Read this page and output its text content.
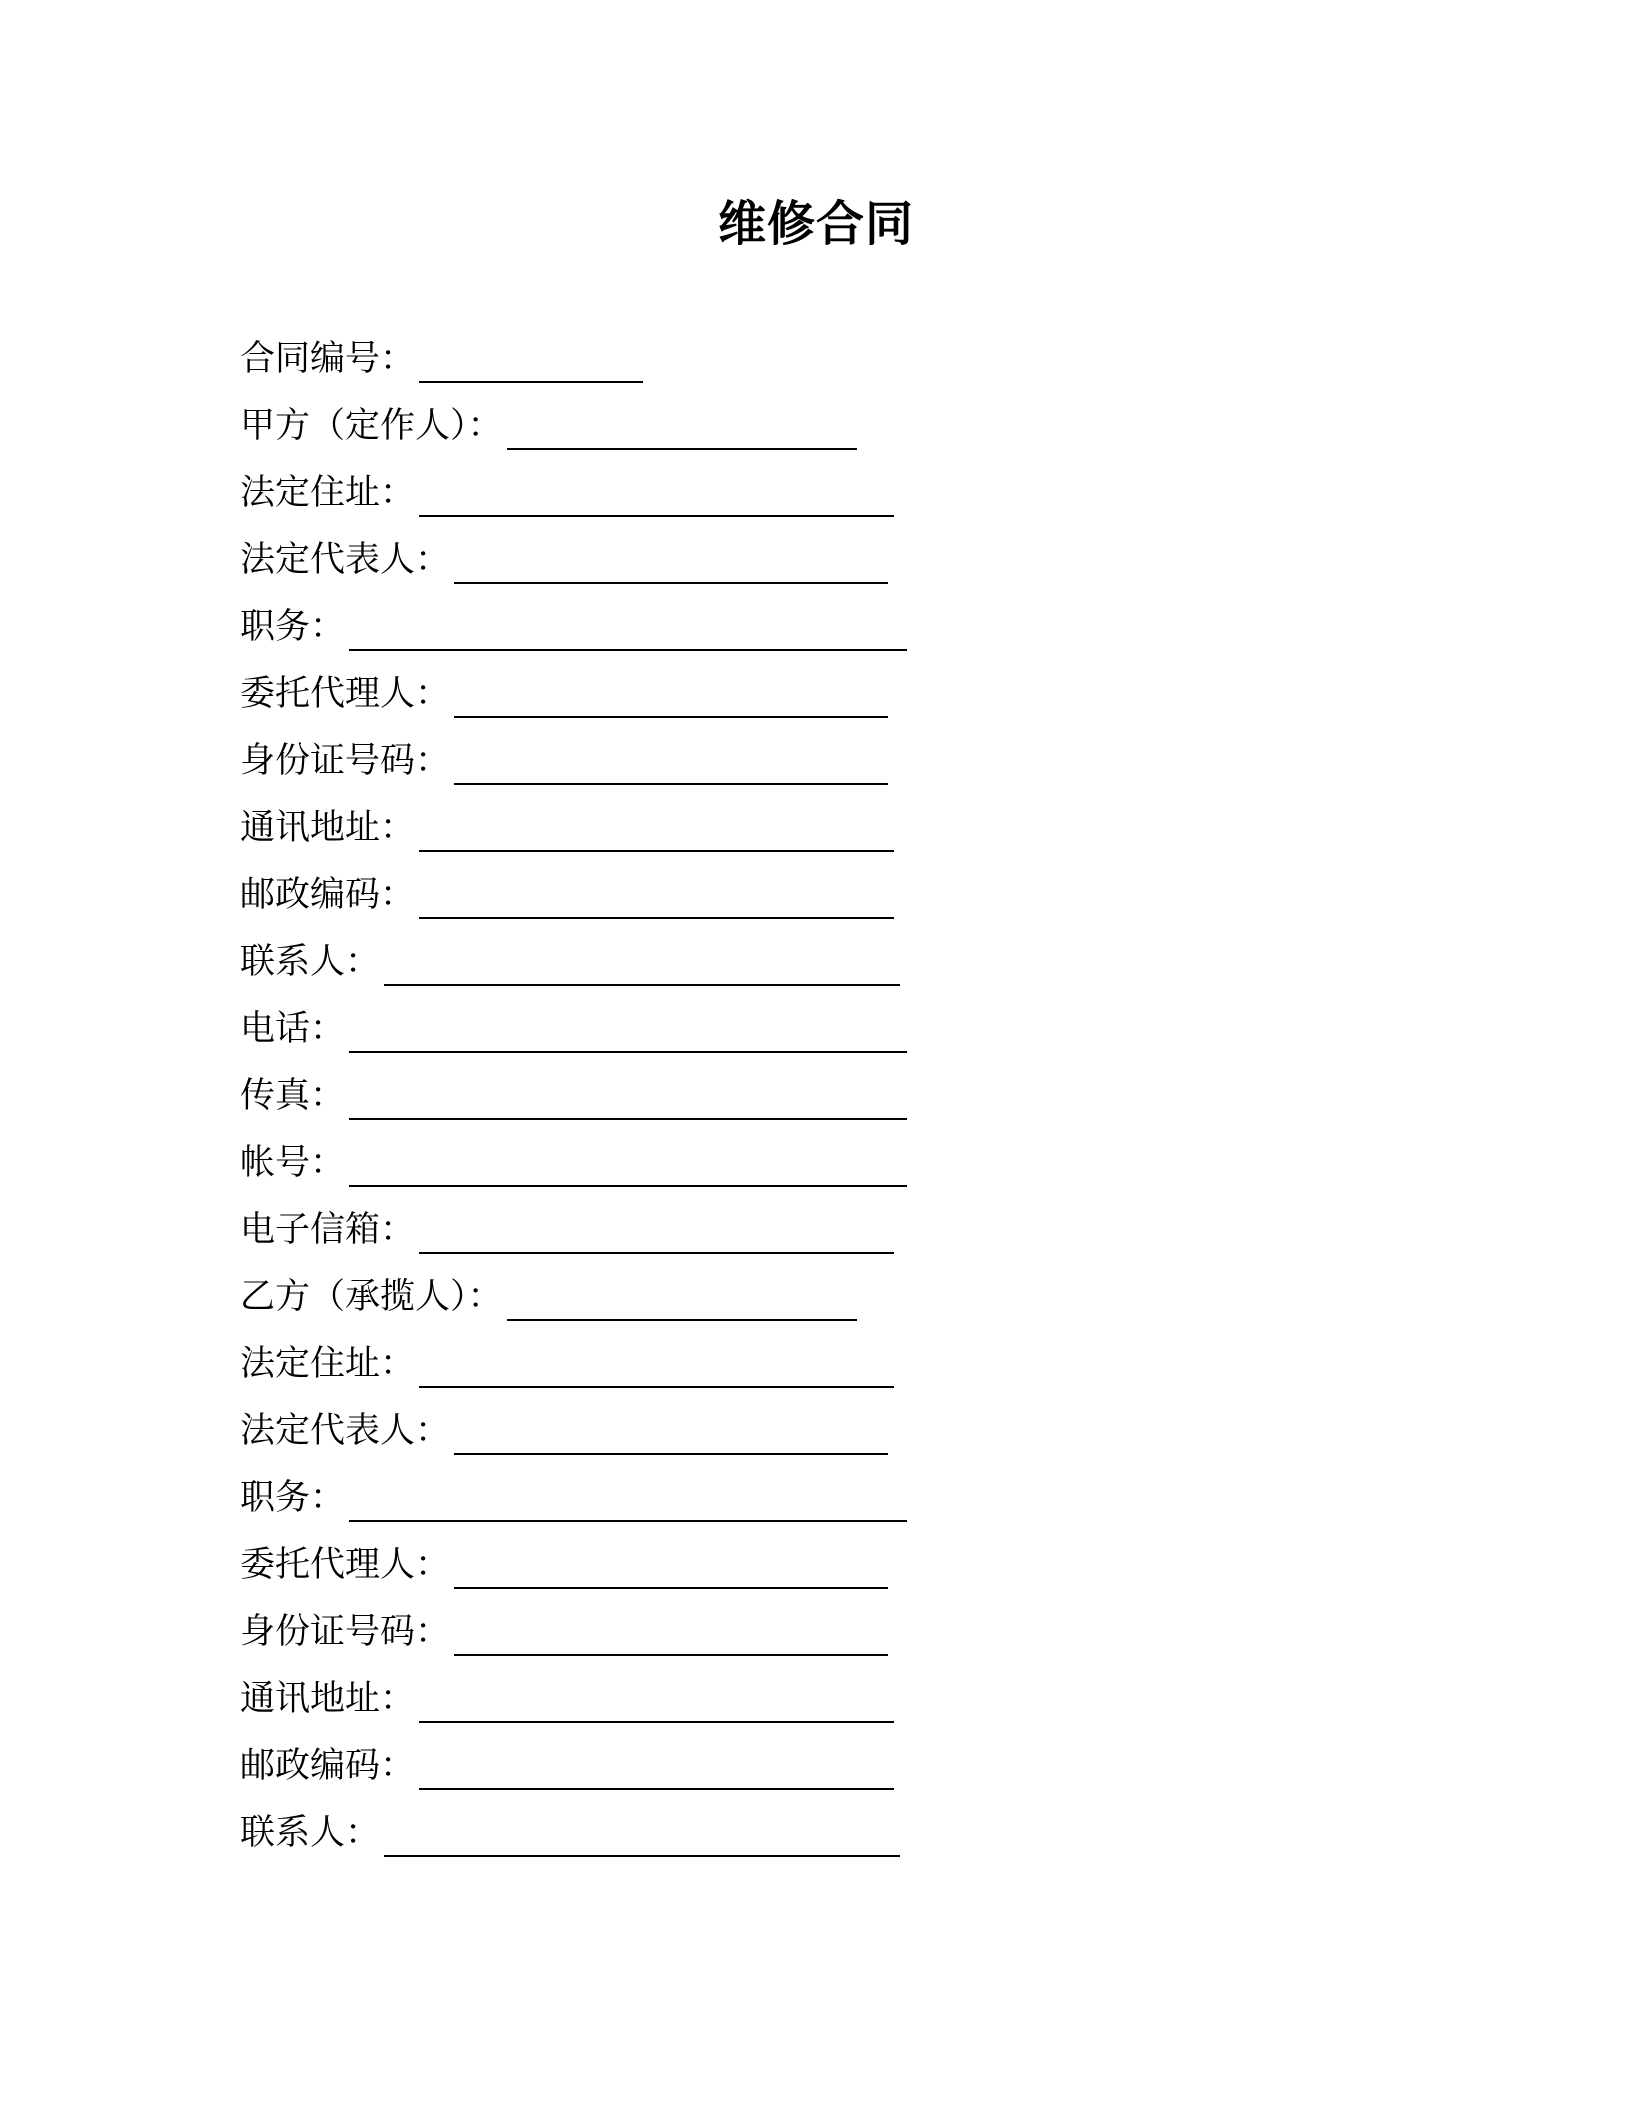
维修合同
合同编号：
甲方（定作人）：
法定住址：
法定代表人：
职务：
委托代理人：
身份证号码：
通讯地址：
邮政编码：
联系人：
电话：
传真：
帐号：
电子信箱：
乙方（承揽人）：
法定住址：
法定代表人：
职务：
委托代理人：
身份证号码：
通讯地址：
邮政编码：
联系人：
